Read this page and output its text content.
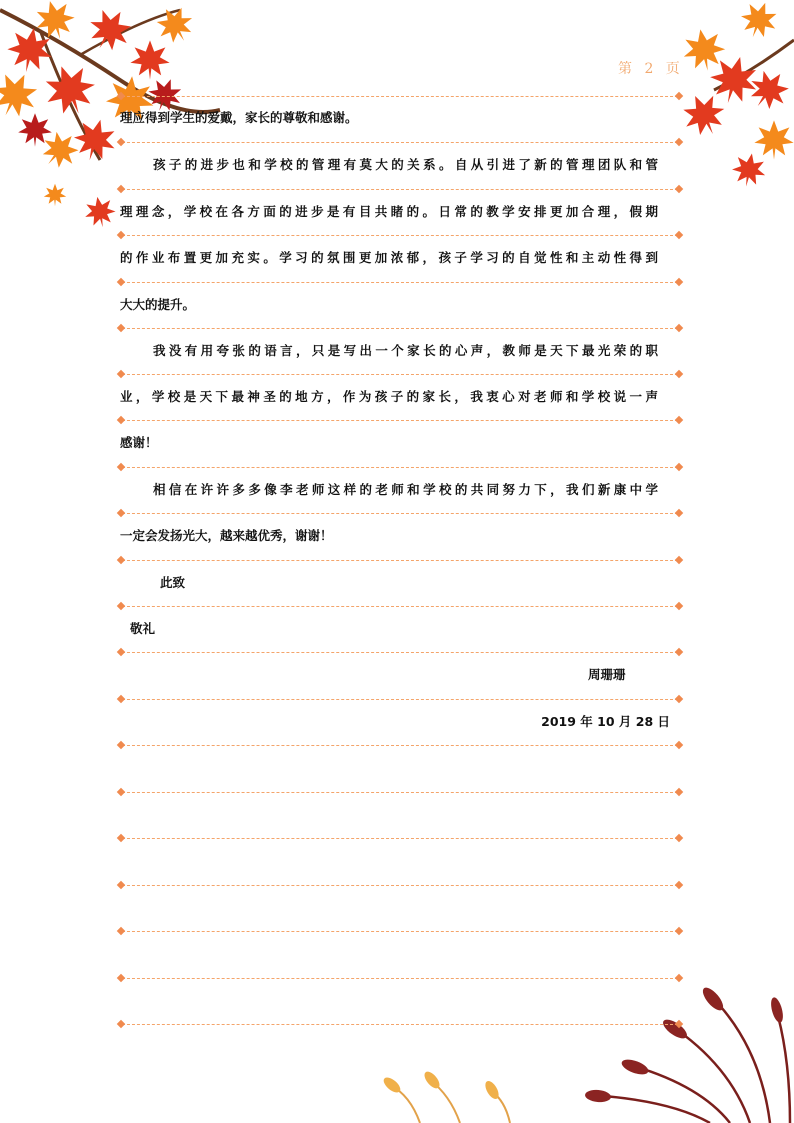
第 2 页
理应得到学生的爱戴，家长的尊敬和感谢。
孩子的进步也和学校的管理有莫大的关系。自从引进了新的管理团队和管
理理念，学校在各方面的进步是有目共睹的。日常的教学安排更加合理，假期
的作业布置更加充实。学习的氛围更加浓郁，孩子学习的自觉性和主动性得到
大大的提升。
我没有用夸张的语言，只是写出一个家长的心声，教师是天下最光荣的职
业，学校是天下最神圣的地方，作为孩子的家长，我衷心对老师和学校说一声
感谢！
相信在许许多多像李老师这样的老师和学校的共同努力下，我们新康中学
一定会发扬光大，越来越优秀，谢谢！
此致
敬礼
周珊珊
2019 年 10 月 28 日
